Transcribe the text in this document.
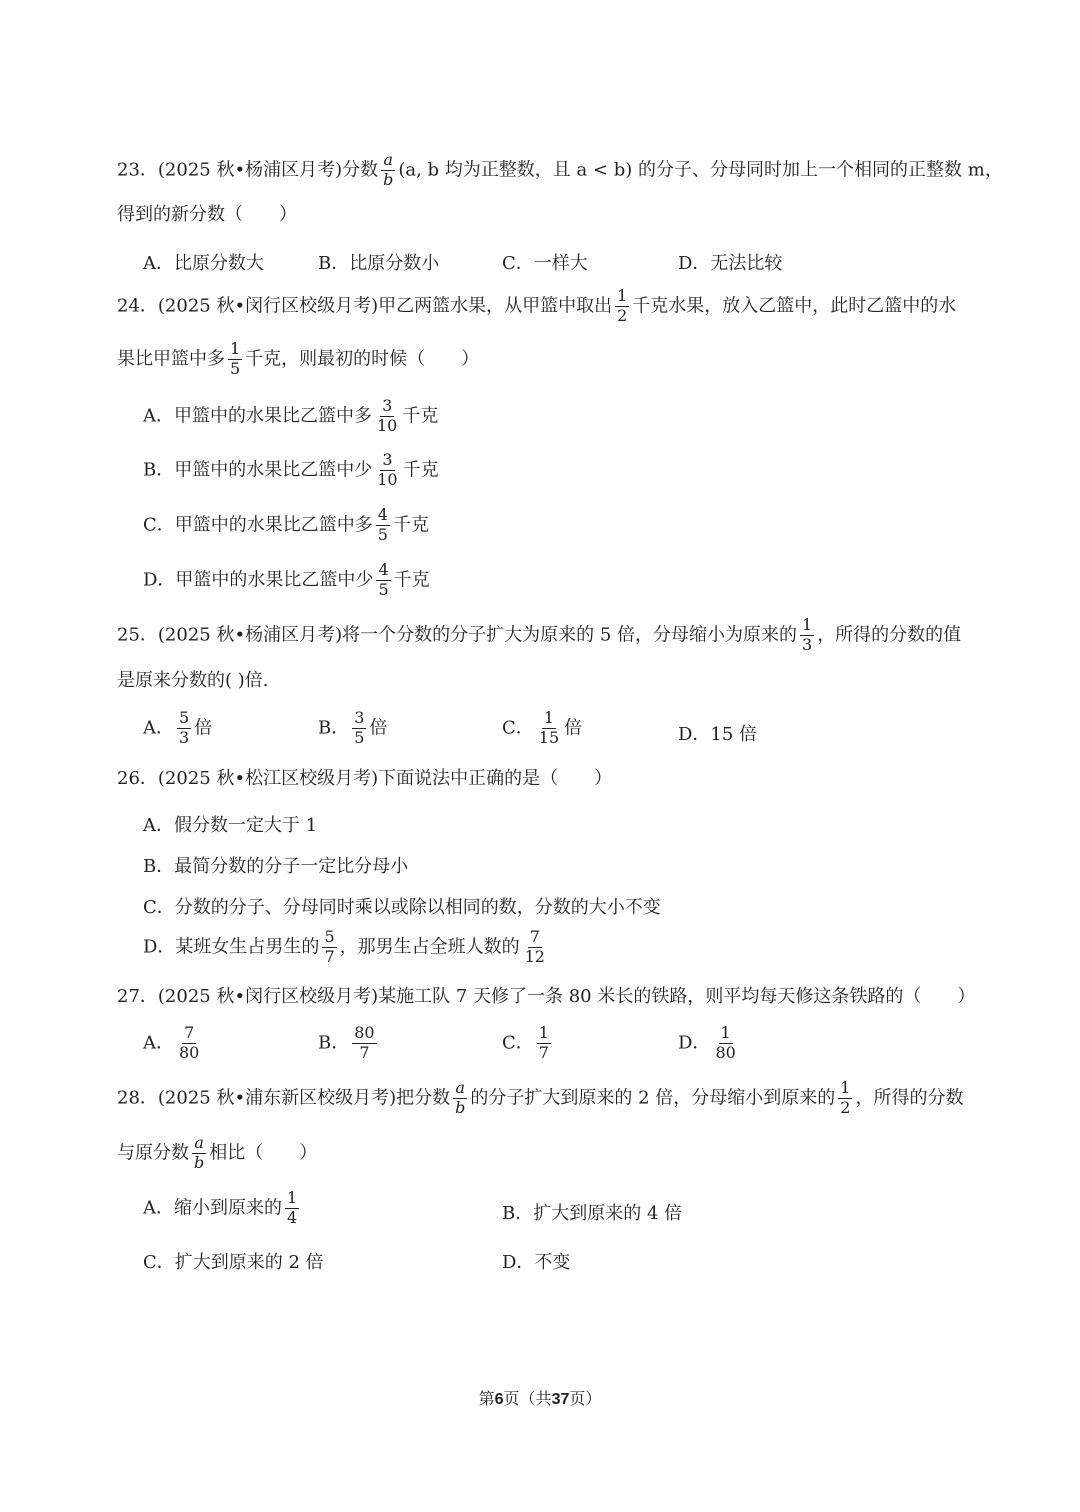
23．(2025 秋•杨浦区月考)分数 $\frac{a}{b} (a$, b 均为正整数，且 a < b) 的分子、分母同时加上一个相同的正整数 m，
得到的新分数（　　）
A．比原分数大	B．比原分数小	C．一样大	D．无法比较
24．(2025 秋•闵行区校级月考)甲乙两篮水果，从甲篮中取出 $\frac{1}{2}$ 千克水果，放入乙篮中，此时乙篮中的水
果比甲篮中多 $\frac{1}{5}$ 千克，则最初的时候（　　）
A．甲篮中的水果比乙篮中多 $\frac{3}{10}$ 千克
B．甲篮中的水果比乙篮中少 $\frac{3}{10}$ 千克
C．甲篮中的水果比乙篮中多 $\frac{4}{5}$ 千克
D．甲篮中的水果比乙篮中少 $\frac{4}{5}$ 千克
25．(2025 秋•杨浦区月考)将一个分数的分子扩大为原来的 5 倍，分母缩小为原来的 $\frac{1}{3}$ ，所得的分数的值
是原来分数的( )倍.
A． $\frac{5}{3}$ 倍	B． $\frac{3}{5}$ 倍	C． $\frac{1}{15}$ 倍	D．15 倍
26．(2025 秋•松江区校级月考)下面说法中正确的是（　　）
A．假分数一定大于 1
B．最简分数的分子一定比分母小
C．分数的分子、分母同时乘以或除以相同的数，分数的大小不变
D．某班女生占男生的 $\frac{5}{7}$ ，那男生占全班人数的 $\frac{7}{12}$
27．(2025 秋•闵行区校级月考)某施工队 7 天修了一条 80 米长的铁路，则平均每天修这条铁路的（　　）
A． $\frac{7}{80}$	B． $\frac{80}{7}$	C． $\frac{1}{7}$	D． $\frac{1}{80}$
28．(2025 秋•浦东新区校级月考)把分数 $\frac{a}{b}$ 的分子扩大到原来的 2 倍，分母缩小到原来的 $\frac{1}{2}$ ，所得的分数
与原分数 $\frac{a}{b}$ 相比（　　）
A．缩小到原来的 $\frac{1}{4}$	B．扩大到原来的 4 倍
C．扩大到原来的 2 倍	D．不变
第6页（共37页）
